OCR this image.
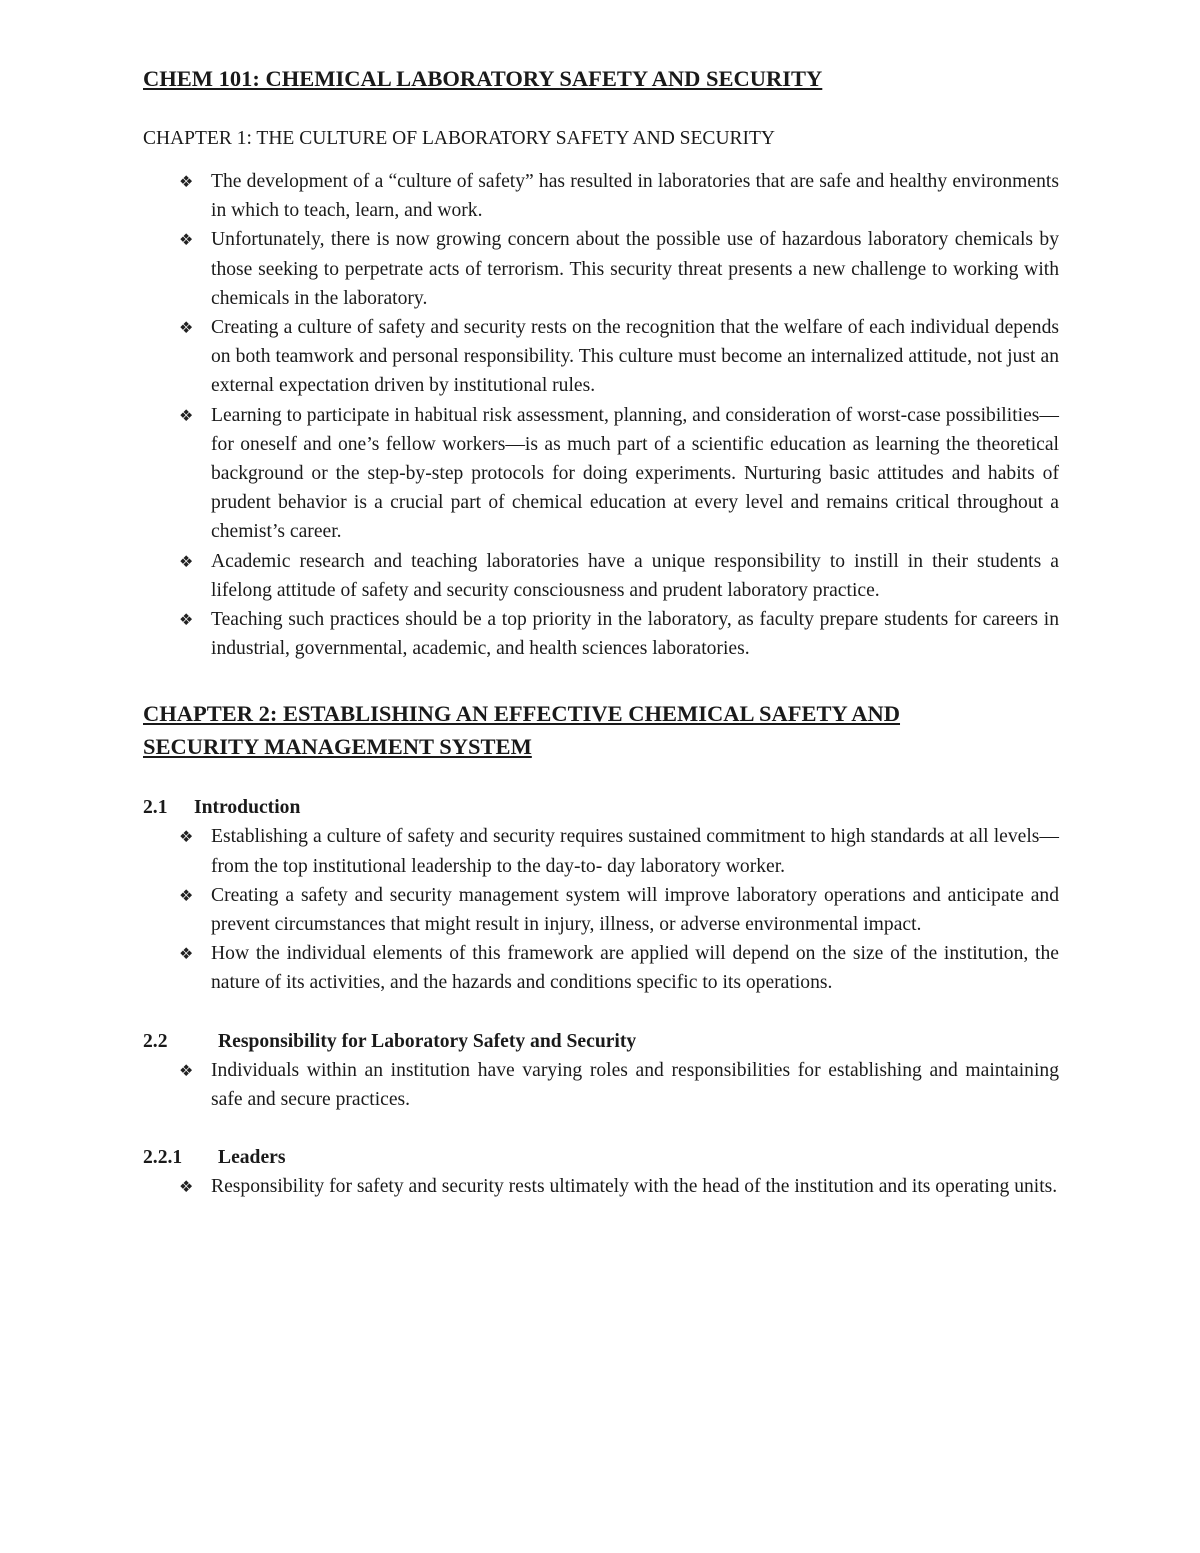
CHEM 101: CHEMICAL LABORATORY SAFETY AND SECURITY
CHAPTER 1: THE CULTURE OF LABORATORY SAFETY AND SECURITY
❖ The development of a “culture of safety” has resulted in laboratories that are safe and healthy environments in which to teach, learn, and work.
❖ Unfortunately, there is now growing concern about the possible use of hazardous laboratory chemicals by those seeking to perpetrate acts of terrorism. This security threat presents a new challenge to working with chemicals in the laboratory.
❖ Creating a culture of safety and security rests on the recognition that the welfare of each individual depends on both teamwork and personal responsibility. This culture must become an internalized attitude, not just an external expectation driven by institutional rules.
❖ Learning to participate in habitual risk assessment, planning, and consideration of worst-case possibilities—for oneself and one’s fellow workers—is as much part of a scientific education as learning the theoretical background or the step-by-step protocols for doing experiments. Nurturing basic attitudes and habits of prudent behavior is a crucial part of chemical education at every level and remains critical throughout a chemist’s career.
❖ Academic research and teaching laboratories have a unique responsibility to instill in their students a lifelong attitude of safety and security consciousness and prudent laboratory practice.
❖ Teaching such practices should be a top priority in the laboratory, as faculty prepare students for careers in industrial, governmental, academic, and health sciences laboratories.
CHAPTER 2: ESTABLISHING AN EFFECTIVE CHEMICAL SAFETY AND
SECURITY MANAGEMENT SYSTEM
2.1	Introduction
❖ Establishing a culture of safety and security requires sustained commitment to high standards at all levels—from the top institutional leadership to the day-to- day laboratory worker.
❖ Creating a safety and security management system will improve laboratory operations and anticipate and prevent circumstances that might result in injury, illness, or adverse environmental impact.
❖ How the individual elements of this framework are applied will depend on the size of the institution, the nature of its activities, and the hazards and conditions specific to its operations.
2.2	Responsibility for Laboratory Safety and Security
❖ Individuals within an institution have varying roles and responsibilities for establishing and maintaining safe and secure practices.
2.2.1	Leaders
❖ Responsibility for safety and security rests ultimately with the head of the institution and its operating units.
